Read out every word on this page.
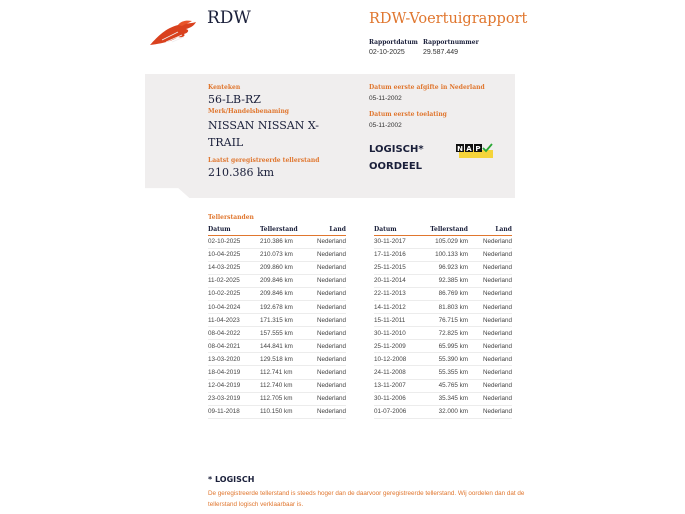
RDW	RDW-Voertuigrapport
Rapportdatum
02-10-2025
Rapportnummer
29.587.449
Kenteken
56-LB-RZ
Merk/Handelsbenaming
NISSAN NISSAN X-
TRAIL
Laatst geregistreerde tellerstand
210.386 km
Datum eerste afgifte in Nederland
05-11-2002
Datum eerste toelating
05-11-2002
LOGISCH*
OORDEEL
N A P
Tellerstanden
Datum	Tellerstand	Land
02-10-2025	210.386 km	Nederland
10-04-2025	210.073 km	Nederland
14-03-2025	209.860 km	Nederland
11-02-2025	209.846 km	Nederland
10-02-2025	209.846 km	Nederland
10-04-2024	192.678 km	Nederland
11-04-2023	171.315 km	Nederland
08-04-2022	157.555 km	Nederland
08-04-2021	144.841 km	Nederland
13-03-2020	129.518 km	Nederland
18-04-2019	112.741 km	Nederland
12-04-2019	112.740 km	Nederland
23-03-2019	112.705 km	Nederland
09-11-2018	110.150 km	Nederland
Datum	Tellerstand	Land
30-11-2017	105.029 km	Nederland
17-11-2016	100.133 km	Nederland
25-11-2015	96.923 km	Nederland
20-11-2014	92.385 km	Nederland
22-11-2013	86.769 km	Nederland
14-11-2012	81.803 km	Nederland
15-11-2011	76.715 km	Nederland
30-11-2010	72.825 km	Nederland
25-11-2009	65.995 km	Nederland
10-12-2008	55.390 km	Nederland
24-11-2008	55.355 km	Nederland
13-11-2007	45.765 km	Nederland
30-11-2006	35.345 km	Nederland
01-07-2006	32.000 km	Nederland
* LOGISCH
De geregistreerde tellerstand is steeds hoger dan de daarvoor geregistreerde tellerstand. Wij oordelen dan dat de tellerstand logisch verklaarbaar is.
